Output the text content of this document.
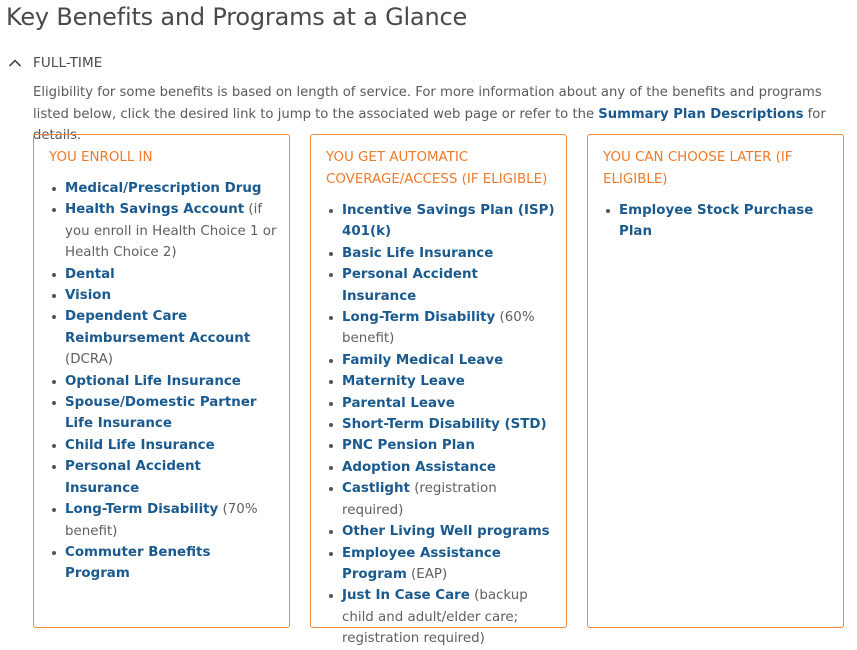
Key Benefits and Programs at a Glance
FULL-TIME

Eligibility for some benefits is based on length of service. For more information about any of the benefits and programs listed below, click the desired link to jump to the associated web page or refer to the Summary Plan Descriptions for details.

YOU ENROLL IN
Medical/Prescription Drug
Health Savings Account (if you enroll in Health Choice 1 or Health Choice 2)
Dental
Vision
Dependent Care Reimbursement Account (DCRA)
Optional Life Insurance
Spouse/Domestic Partner Life Insurance
Child Life Insurance
Personal Accident Insurance
Long-Term Disability (70% benefit)
Commuter Benefits Program
YOU GET AUTOMATIC COVERAGE/ACCESS (IF ELIGIBLE)
Incentive Savings Plan (ISP) 401(k)
Basic Life Insurance
Personal Accident Insurance
Long-Term Disability (60% benefit)
Family Medical Leave
Maternity Leave
Parental Leave
Short-Term Disability (STD)
PNC Pension Plan
Adoption Assistance
Castlight (registration required)
Other Living Well programs
Employee Assistance Program (EAP)
Just In Case Care (backup child and adult/elder care; registration required)
YOU CAN CHOOSE LATER (IF ELIGIBLE)
Employee Stock Purchase Plan
